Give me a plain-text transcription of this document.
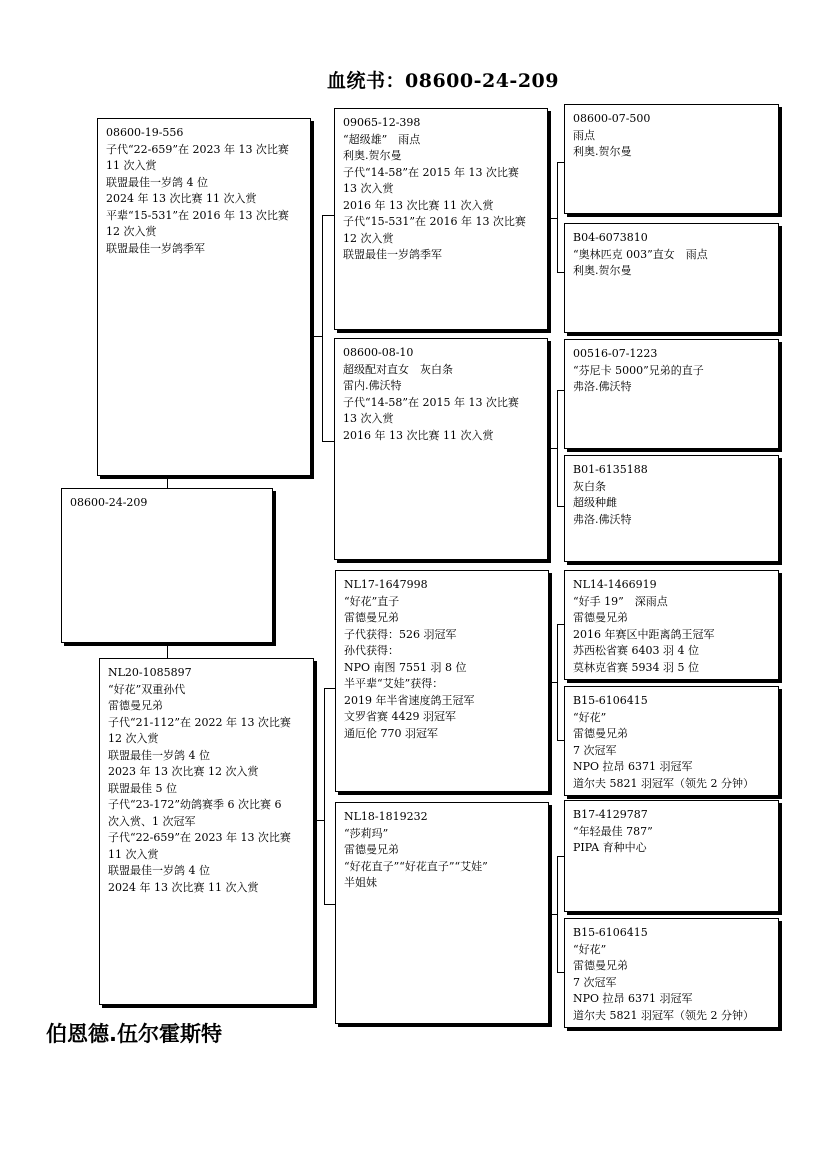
血统书：08600-24-209
08600-24-209
08600-19-556
子代“22-659”在 2023 年 13 次比赛
11 次入赏
联盟最佳一岁鸽 4 位
2024 年 13 次比赛 11 次入赏
平辈“15-531”在 2016 年 13 次比赛
12 次入赏
联盟最佳一岁鸽季军
NL20-1085897
“好花”双重孙代
雷德曼兄弟
子代“21-112”在 2022 年 13 次比赛
12 次入赏
联盟最佳一岁鸽 4 位
2023 年 13 次比赛 12 次入赏
联盟最佳 5 位
子代“23-172”幼鸽赛季 6 次比赛 6
次入赏、1 次冠军
子代“22-659”在 2023 年 13 次比赛
11 次入赏
联盟最佳一岁鸽 4 位
2024 年 13 次比赛 11 次入赏
09065-12-398
“超级雄”　雨点
利奥.贺尔曼
子代“14-58”在 2015 年 13 次比赛
13 次入赏
2016 年 13 次比赛 11 次入赏
子代“15-531”在 2016 年 13 次比赛
12 次入赏
联盟最佳一岁鸽季军
08600-08-10
超级配对直女　灰白条
雷内.佛沃特
子代“14-58”在 2015 年 13 次比赛
13 次入赏
2016 年 13 次比赛 11 次入赏
NL17-1647998
“好花”直子
雷德曼兄弟
子代获得：526 羽冠军
孙代获得：
NPO 南图 7551 羽 8 位
半平辈“艾娃”获得：
2019 年半省速度鸽王冠军
文罗省赛 4429 羽冠军
通厄伦 770 羽冠军
NL18-1819232
“莎莉玛”
雷德曼兄弟
“好花直子”“好花直子”“艾娃”
半姐妹
08600-07-500
雨点
利奥.贺尔曼
B04-6073810
“奥林匹克 003”直女　雨点
利奥.贺尔曼
00516-07-1223
“芬尼卡 5000”兄弟的直子
弗洛.佛沃特
B01-6135188
灰白条
超级种雌
弗洛.佛沃特
NL14-1466919
“好手 19”　深雨点
雷德曼兄弟
2016 年赛区中距离鸽王冠军
苏西松省赛 6403 羽 4 位
莫林克省赛 5934 羽 5 位
B15-6106415
“好花”
雷德曼兄弟
7 次冠军
NPO 拉昂 6371 羽冠军
道尔夫 5821 羽冠军（领先 2 分钟）
B17-4129787
“年轻最佳 787”
PIPA 育种中心
B15-6106415
“好花”
雷德曼兄弟
7 次冠军
NPO 拉昂 6371 羽冠军
道尔夫 5821 羽冠军（领先 2 分钟）
伯恩德.伍尔霍斯特
